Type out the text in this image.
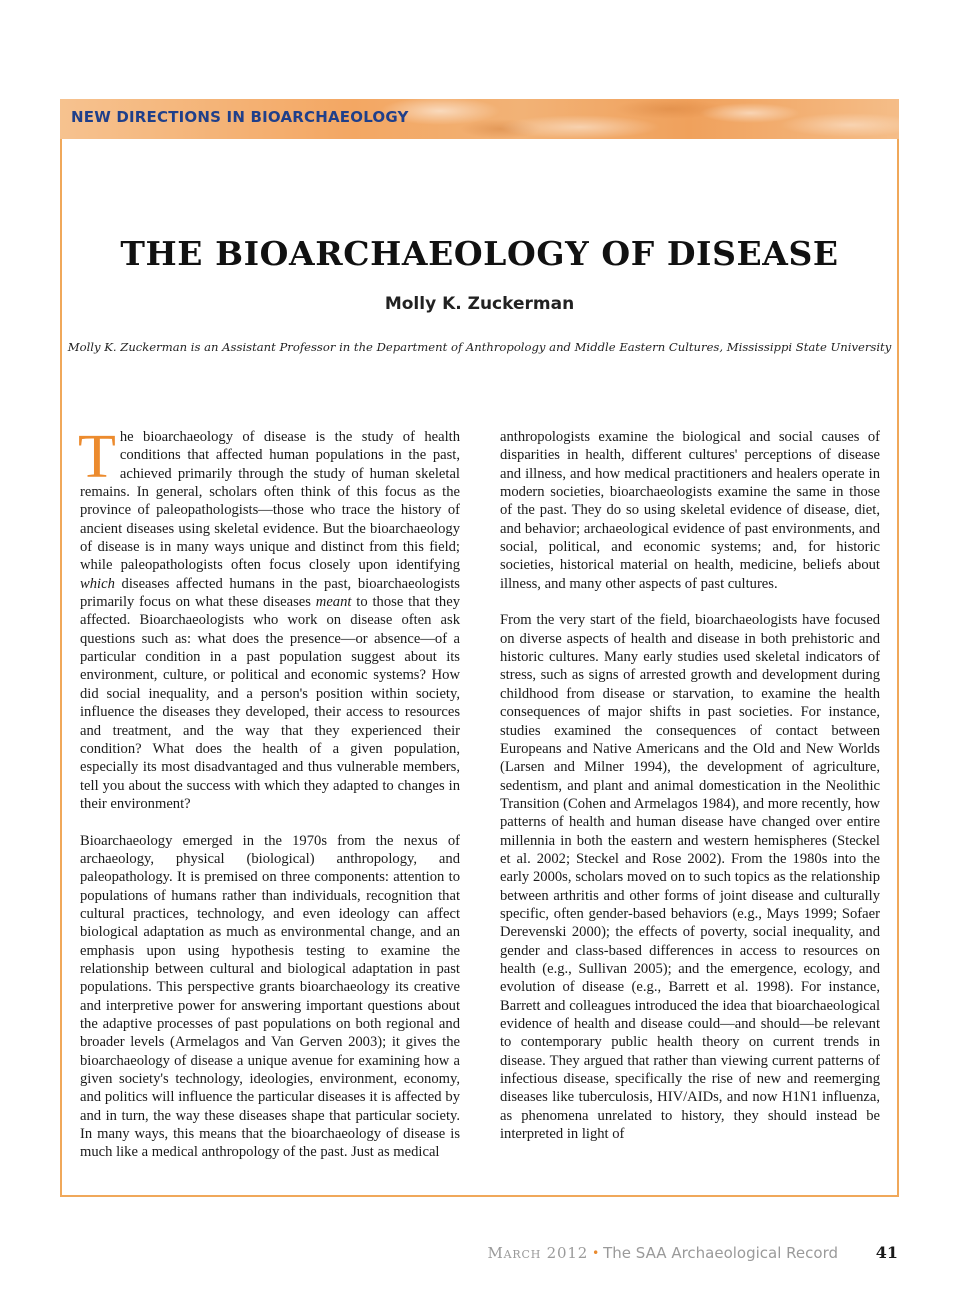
NEW DIRECTIONS IN BIOARCHAEOLOGY
THE BIOARCHAEOLOGY OF DISEASE
Molly K. Zuckerman
Molly K. Zuckerman is an Assistant Professor in the Department of Anthropology and Middle Eastern Cultures, Mississippi State University

The bioarchaeology of disease is the study of health conditions that affected human populations in the past, achieved primarily through the study of human skeletal remains. In general, scholars often think of this focus as the province of paleopathologists—those who trace the history of ancient diseases using skeletal evidence. But the bioarchaeology of disease is in many ways unique and distinct from this field; while paleopathologists often focus closely upon identifying which diseases affected humans in the past, bioarchaeologists primarily focus on what these diseases meant to those that they affected. Bioarchaeologists who work on disease often ask questions such as: what does the presence—or absence—of a particular condition in a past population suggest about its environment, culture, or political and economic systems? How did social inequality, and a person's position within society, influence the diseases they developed, their access to resources and treatment, and the way that they experienced their condition? What does the health of a given population, especially its most disadvantaged and thus vulnerable members, tell you about the success with which they adapted to changes in their environment?

Bioarchaeology emerged in the 1970s from the nexus of archaeology, physical (biological) anthropology, and paleopathology. It is premised on three components: attention to populations of humans rather than individuals, recognition that cultural practices, technology, and even ideology can affect biological adaptation as much as environmental change, and an emphasis upon using hypothesis testing to examine the relationship between cultural and biological adaptation in past populations. This perspective grants bioarchaeology its creative and interpretive power for answering important questions about the adaptive processes of past populations on both regional and broader levels (Armelagos and Van Gerven 2003); it gives the bioarchaeology of disease a unique avenue for examining how a given society's technology, ideologies, environment, economy, and politics will influence the particular diseases it is affected by and in turn, the way these diseases shape that particular society. In many ways, this means that the bioarchaeology of disease is much like a medical anthropology of the past. Just as medical

anthropologists examine the biological and social causes of disparities in health, different cultures' perceptions of disease and illness, and how medical practitioners and healers operate in modern societies, bioarchaeologists examine the same in those of the past. They do so using skeletal evidence of disease, diet, and behavior; archaeological evidence of past environments, and social, political, and economic systems; and, for historic societies, historical material on health, medicine, beliefs about illness, and many other aspects of past cultures.

From the very start of the field, bioarchaeologists have focused on diverse aspects of health and disease in both prehistoric and historic cultures. Many early studies used skeletal indicators of stress, such as signs of arrested growth and development during childhood from disease or starvation, to examine the health consequences of major shifts in past societies. For instance, studies examined the consequences of contact between Europeans and Native Americans and the Old and New Worlds (Larsen and Milner 1994), the development of agriculture, sedentism, and plant and animal domestication in the Neolithic Transition (Cohen and Armelagos 1984), and more recently, how patterns of health and human disease have changed over entire millennia in both the eastern and western hemispheres (Steckel et al. 2002; Steckel and Rose 2002). From the 1980s into the early 2000s, scholars moved on to such topics as the relationship between arthritis and other forms of joint disease and culturally specific, often gender-based behaviors (e.g., Mays 1999; Sofaer Derevenski 2000); the effects of poverty, social inequality, and gender and class-based differences in access to resources on health (e.g., Sullivan 2005); and the emergence, ecology, and evolution of disease (e.g., Barrett et al. 1998). For instance, Barrett and colleagues introduced the idea that bioarchaeological evidence of health and disease could—and should—be relevant to contemporary public health theory on current trends in disease. They argued that rather than viewing current patterns of infectious disease, specifically the rise of new and reemerging diseases like tuberculosis, HIV/AIDs, and now H1N1 influenza, as phenomena unrelated to history, they should instead be interpreted in light of

March 2012 • The SAA Archaeological Record 41
